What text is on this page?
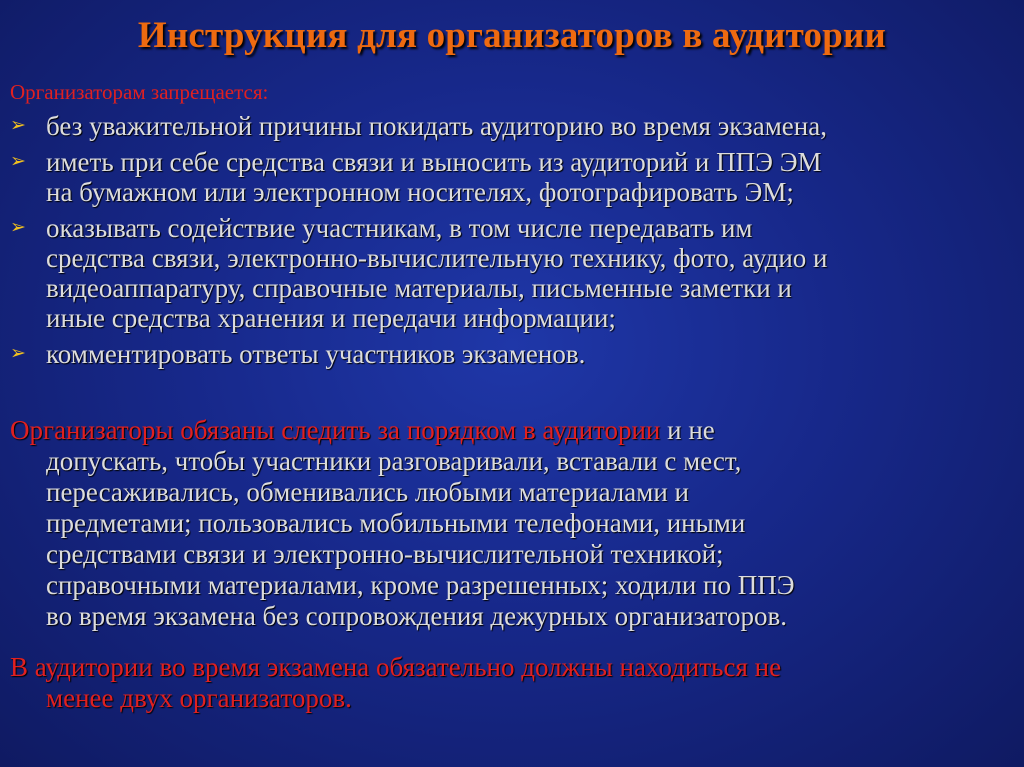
Инструкция для организаторов в аудитории
Организаторам запрещается:
➢ без уважительной причины покидать аудиторию во время экзамена,
➢ иметь при себе средства связи и выносить из аудиторий и ППЭ ЭМ
на бумажном или электронном носителях, фотографировать ЭМ;
➢ оказывать содействие участникам, в том числе передавать им
средства связи, электронно-вычислительную технику, фото, аудио и
видеоаппаратуру, справочные материалы, письменные заметки и
иные средства хранения и передачи информации;
➢ комментировать ответы участников экзаменов.
Организаторы обязаны следить за порядком в аудитории и не
допускать, чтобы участники разговаривали, вставали с мест,
пересаживались, обменивались любыми материалами и
предметами; пользовались мобильными телефонами, иными
средствами связи и электронно-вычислительной техникой;
справочными материалами, кроме разрешенных; ходили по ППЭ
во время экзамена без сопровождения дежурных организаторов.
В аудитории во время экзамена обязательно должны находиться не
менее двух организаторов.
